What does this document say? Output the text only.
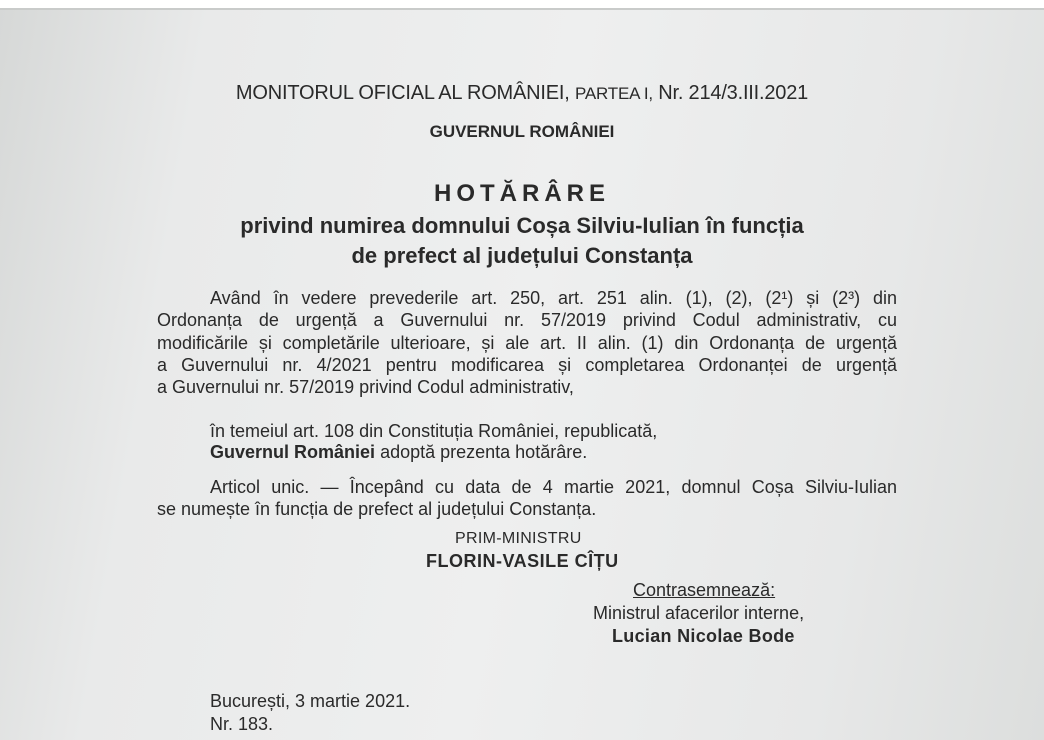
MONITORUL OFICIAL AL ROMÂNIEI, PARTEA I, Nr. 214/3.III.2021
GUVERNUL ROMÂNIEI
HOTĂRÂRE
privind numirea domnului Coșa Silviu-Iulian în funcția
de prefect al județului Constanța
Având în vedere prevederile art. 250, art. 251 alin. (1), (2), (2¹) și (2³) din
Ordonanța de urgență a Guvernului nr. 57/2019 privind Codul administrativ, cu
modificările și completările ulterioare, și ale art. II alin. (1) din Ordonanța de urgență
a Guvernului nr. 4/2021 pentru modificarea și completarea Ordonanței de urgență
a Guvernului nr. 57/2019 privind Codul administrativ,
în temeiul art. 108 din Constituția României, republicată,
Guvernul României adoptă prezenta hotărâre.
Articol unic. — Începând cu data de 4 martie 2021, domnul Coșa Silviu-Iulian
se numește în funcția de prefect al județului Constanța.
PRIM-MINISTRU
FLORIN-VASILE CÎȚU
Contrasemnează:
Ministrul afacerilor interne,
Lucian Nicolae Bode
București, 3 martie 2021.
Nr. 183.
